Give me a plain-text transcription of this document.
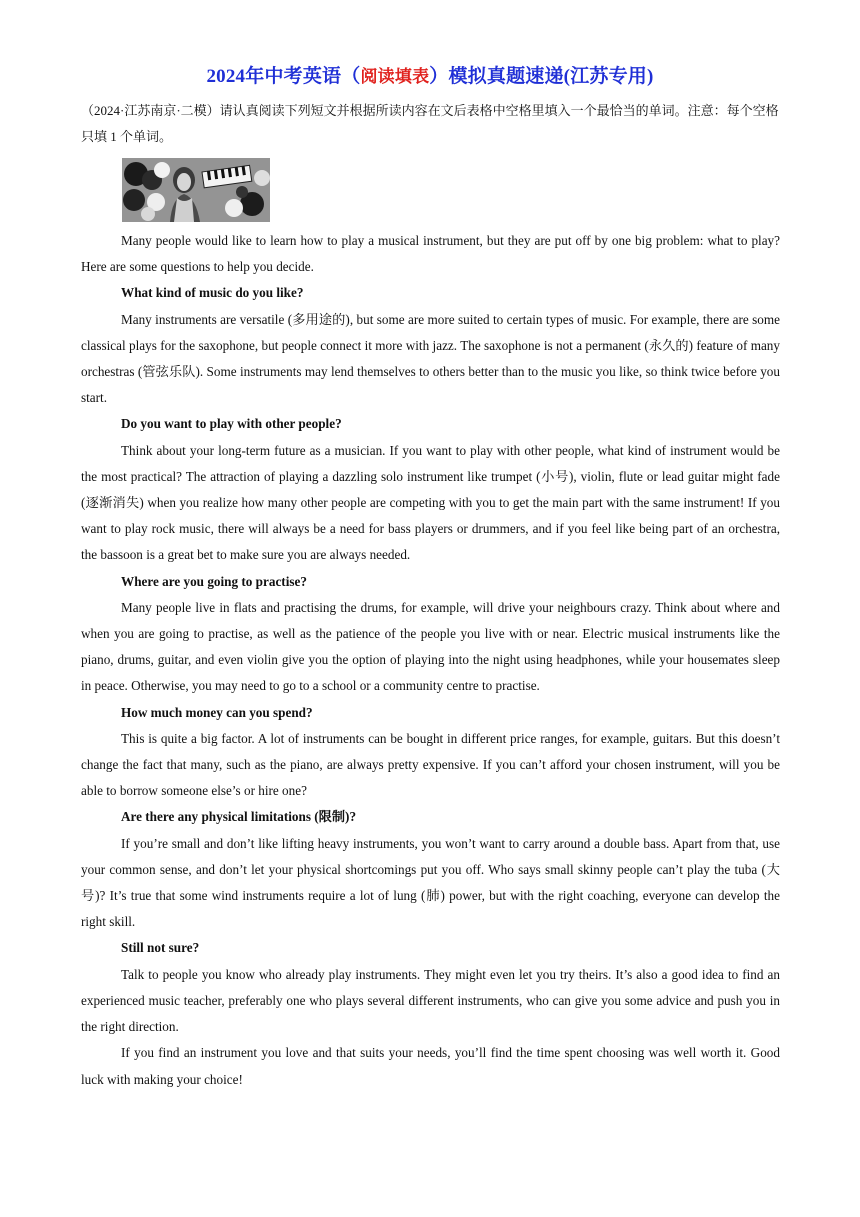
2024年中考英语（阅读填表）模拟真题速递(江苏专用)
（2024·江苏南京·二模）请认真阅读下列短文并根据所读内容在文后表格中空格里填入一个最恰当的单词。注意：每个空格只填 1 个单词。

Many people would like to learn how to play a musical instrument, but they are put off by one big problem: what to play? Here are some questions to help you decide.

What kind of music do you like?

Many instruments are versatile (多用途的), but some are more suited to certain types of music. For example, there are some classical plays for the saxophone, but people connect it more with jazz. The saxophone is not a permanent (永久的) feature of many orchestras (管弦乐队). Some instruments may lend themselves to others better than to the music you like, so think twice before you start.

Do you want to play with other people?

Think about your long-term future as a musician. If you want to play with other people, what kind of instrument would be the most practical? The attraction of playing a dazzling solo instrument like trumpet (小号), violin, flute or lead guitar might fade (逐渐消失) when you realize how many other people are competing with you to get the main part with the same instrument! If you want to play rock music, there will always be a need for bass players or drummers, and if you feel like being part of an orchestra, the bassoon is a great bet to make sure you are always needed.

Where are you going to practise?

Many people live in flats and practising the drums, for example, will drive your neighbours crazy. Think about where and when you are going to practise, as well as the patience of the people you live with or near. Electric musical instruments like the piano, drums, guitar, and even violin give you the option of playing into the night using headphones, while your housemates sleep in peace. Otherwise, you may need to go to a school or a community centre to practise.

How much money can you spend?

This is quite a big factor. A lot of instruments can be bought in different price ranges, for example, guitars. But this doesn’t change the fact that many, such as the piano, are always pretty expensive. If you can’t afford your chosen instrument, will you be able to borrow someone else’s or hire one?

Are there any physical limitations (限制)?

If you’re small and don’t like lifting heavy instruments, you won’t want to carry around a double bass. Apart from that, use your common sense, and don’t let your physical shortcomings put you off. Who says small skinny people can’t play the tuba (大号)? It’s true that some wind instruments require a lot of lung (肺) power, but with the right coaching, everyone can develop the right skill.

Still not sure?

Talk to people you know who already play instruments. They might even let you try theirs. It’s also a good idea to find an experienced music teacher, preferably one who plays several different instruments, who can give you some advice and push you in the right direction.

If you find an instrument you love and that suits your needs, you’ll find the time spent choosing was well worth it. Good luck with making your choice!
